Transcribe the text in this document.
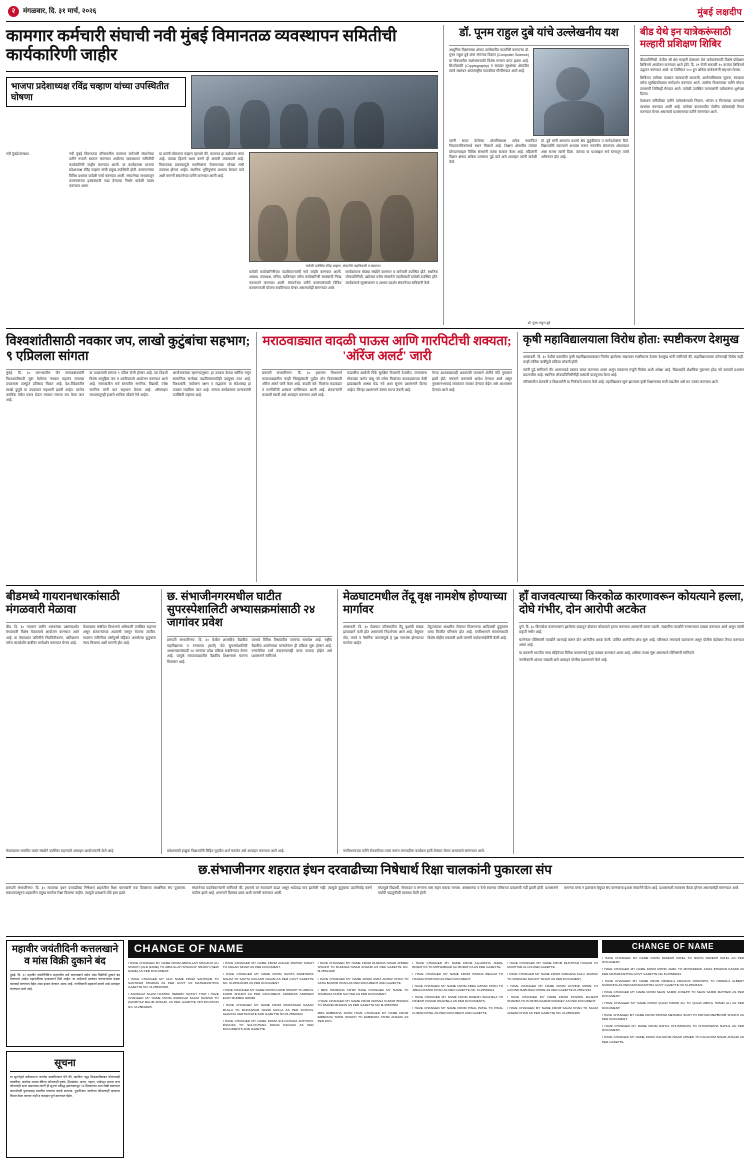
२	मंगळवार, दि. ३१ मार्च, २०२६	मुंबई लक्षदीप
कामगार कर्मचारी संघाची नवी मुंबई विमानतळ व्यवस्थापन समितीची कार्यकारिणी जाहीर
भाजपा प्रदेशाध्यक्ष रविंद्र चव्हाण यांच्या उपस्थितीत घोषणा
नवी मुंबई/जगन्नाथ	नवी मुंबई विमानतळ परिसरातील कामगार कर्मचारी संघटनेच्या वतीने नव्याने स्थापन करण्यात आलेल्या व्यवस्थापन समितीची कार्यकारिणी जाहीर करण्यात आली. या कार्यक्रमास भाजपा प्रदेशाध्यक्ष रविंद्र चव्हाण यांची प्रमुख उपस्थिती होती. कामगारांच्या विविध प्रश्नांवर यावेळी चर्चा करण्यात आली. संघटनेच्या माध्यमातून कामगारांच्या हक्कांसाठी लढा देण्याचा निर्धार यावेळी व्यक्त करण्यात आला.
या प्रसंगी बोलताना चव्हाण म्हणाले की, कामगार हा उद्योगाचा कणा आहे. त्याच्या हिताचे रक्षण करणे ही आमची जबाबदारी आहे. विमानतळ प्रकल्पामुळे स्थानिकांना रोजगाराच्या मोठ्या संधी उपलब्ध होणार आहेत. स्थानिक भूमिपुत्रांना प्राधान्य देण्यात यावे अशी मागणी संघटनेच्या वतीने करण्यात आली आहे.
यावेळी उपस्थित रविंद्र चव्हाण, संघटनेचे पदाधिकारी व कामगार.
यावेळी कार्यकारिणीच्या पदाधिकाऱ्यांची नावे जाहीर करण्यात आली. अध्यक्ष, उपाध्यक्ष, सचिव, खजिनदार तसेच कार्यकारिणी सदस्यांची निवड एकमताने करण्यात आली. संघटनेच्या वतीने कामगारांसाठी विविध कल्याणकारी योजना राबविण्यात येणार असल्याचेही सांगण्यात आले.
कार्यक्रमाला मोठ्या संख्येने कामगार व कर्मचारी उपस्थित होते. स्थानिक लोकप्रतिनिधी, उद्योजक तसेच संघटनेचे पदाधिकारी यावेळी उपस्थित होते. कार्यक्रमाचे सूत्रसंचालन व आभार प्रदर्शन संघटनेच्या सचिवांनी केले.
डॉ. पूनम राहुल दुबे यांचे उल्लेखनीय यश
आधुनिक विज्ञानाच्या क्षेत्रात उल्लेखनीय कामगिरी करणाऱ्या डॉ. पूनम राहुल दुबे यांना संगणक विज्ञान (Computer Science) या विषयातील संशोधनासाठी विशेष सन्मान प्राप्त झाला आहे. क्रिप्टोग्राफी (Cryptography) व सायबर सुरक्षेच्या क्षेत्रातील त्यांचे संशोधन आंतरराष्ट्रीय पातळीवर गौरविण्यात आले आहे.
त्यांनी सादर केलेल्या शोधनिबंधास अनेक नामांकित नियतकालिकांमध्ये स्थान मिळाले आहे. शिक्षण क्षेत्रातील त्यांच्या योगदानाबद्दल विविध संस्थांनी त्यांचा सत्कार केला आहे. महिलांनी विज्ञान क्षेत्रात अधिक प्रमाणात पुढे यावे असे आवाहन त्यांनी यावेळी केले.
डॉ. दुबे यांनी आपल्या यशाचे श्रेय कुटुंबीयांना व मार्गदर्शकांना दिले. विद्यार्थ्यांनी सातत्याने अभ्यास करून नवनवीन संकल्पना शोधाव्यात असा सल्ला त्यांनी दिला. त्यांच्या या यशाबद्दल सर्व स्तरातून त्यांचे अभिनंदन होत आहे.
डॉ. पूनम राहुल दुबे
बीड येथे इन यात्रेकरूंसाठी मल्हारी प्रशिक्षण शिबिर
बीड/प्रतिनिधी. येथील श्री क्षेत्र मल्हारी देवस्थान येथे यात्रेकरूंसाठी विशेष प्रशिक्षण शिबिराचे आयोजन करण्यात आले होते. दि. २९ रोजी सकाळी १० वाजता शिबिराचे उद्घाटन करण्यात आले. या शिबिरात २०० हून अधिक यात्रेकरूंनी सहभाग घेतला.
शिबिरात यात्रेच्या काळात घ्यावयाची काळजी, आरोग्यविषयक सूचना, स्वच्छता तसेच सुरक्षिततेबाबत मार्गदर्शन करण्यात आले. आरोग्य विभागाच्या वतीने मोफत तपासणी शिबिरही घेण्यात आले. यावेळी उपस्थित मान्यवरांनी यात्रेकरूंना शुभेच्छा दिल्या.
देवस्थान समितीच्या वतीने यात्रेकरूंसाठी निवास, भोजन व पिण्याच्या पाण्याची व्यवस्था करण्यात आली आहे. यात्रेच्या कालावधीत पोलीस बंदोबस्तही तैनात करण्यात येणार असल्याचे प्रशासनाच्या वतीने सांगण्यात आले.
विश्वशांतीसाठी नवकार जप, लाखो कुटुंबांचा सहभाग; ९ एप्रिलला सांगता
मुंबई. दि. ३० जगभरातील जैन समाजबांधवांनी विश्वशांतीसाठी सुरू केलेल्या नवकार महामंत्र जपाच्या उपक्रमास उत्स्फूर्त प्रतिसाद मिळत आहे. देश-विदेशातील लाखो कुटुंबे या उपक्रमात सहभागी झाली आहेत. दररोज ठराविक वेळेत एकत्र येऊन नवकार मंत्राचा जप केला जात आहे.
या उपक्रमाची सांगता ९ एप्रिल रोजी होणार आहे. त्या दिवशी विशेष सामूहिक जप व शांतीपाठाचे आयोजन करण्यात आले आहे. समाजातील सर्व स्तरातील नागरिक, विद्यार्थी, ज्येष्ठ नागरिक यांनी यात सहभाग घेतला आहे. ऑनलाइन माध्यमातूनही हजारो भाविक जोडले गेले आहेत.
आयोजकांच्या म्हणण्यानुसार, हा उपक्रम केवळ धार्मिक नसून सामाजिक सलोखा वाढविण्यासाठीही उपयुक्त ठरत आहे. विश्वशांती, पर्यावरण रक्षण व सद्भावना या संदेशासह हा उपक्रम राबविला जात आहे. सांगता कार्यक्रमास मान्यवरांची उपस्थिती राहणार आहे.
मराठवाड्यात वादळी पाऊस आणि गारपिटीची शक्यता; 'ऑरेंज अलर्ट' जारी
छत्रपती संभाजीनगर. दि. ३० हवामान विभागाने मराठवाड्यातील काही जिल्ह्यांसाठी पुढील दोन दिवसांसाठी ऑरेंज अलर्ट जारी केला आहे. वादळी वारे, विजांचा कडकडाट व गारपिटीची शक्यता वर्तविण्यात आली आहे. शेतकऱ्यांनी काळजी घ्यावी असे आवाहन करण्यात आले आहे.
काढणीस आलेली पिके सुरक्षित ठिकाणी ठेवावीत, जनावरांना मोकळ्या जागेत बांधू नये तसेच विजांच्या कडकडाटाच्या वेळी झाडाखाली आश्रय घेऊ नये अशा सूचना प्रशासनाने दिल्या आहेत. जिल्हा प्रशासनाने यंत्रणा सज्ज ठेवली आहे.
गेल्या आठवड्यातही अवकाळी पावसाने शेतीचे मोठे नुकसान झाले होते. पंचनामे करण्याचे आदेश देण्यात आले असून नुकसानभरपाई लवकरात लवकर देण्यात येईल असे आश्वासन देण्यात आले आहे.
कृषी महाविद्यालयाला विरोध होता: स्पष्टीकरण देशमुख
अमरावती. दि. ३० येथील प्रस्तावित कृषी महाविद्यालयाबाबत निर्माण झालेल्या संभ्रमावर स्पष्टीकरण देताना देशमुख यांनी सांगितले की, महाविद्यालयाला कोणताही विरोध नाही. काही तांत्रिक बाबींमुळे प्रक्रिया लांबली होती.
त्यांनी पुढे सांगितले की, शासनाकडे प्रस्ताव सादर करण्यात आला असून लवकरच मंजुरी मिळेल अशी अपेक्षा आहे. विद्यार्थ्यांचे शैक्षणिक नुकसान होऊ नये यासाठी प्रशासन प्रयत्नशील आहे. स्थानिक लोकप्रतिनिधींनीही यासाठी पाठपुरावा केला आहे.
परिसरातील शेतकरी व विद्यार्थ्यांनी या निर्णयाचे स्वागत केले आहे. महाविद्यालय सुरू झाल्यास कृषी शिक्षणाच्या संधी वाढतील असे मत व्यक्त करण्यात आले.
बीडमध्ये गायरानधारकांसाठी मंगळवारी मेळावा
बीड. दि. ३० गायरान जमीन धारकांच्या प्रश्नांसंदर्भात मंगळवारी विशेष मेळाव्याचे आयोजन करण्यात आले आहे. या मेळाव्यात जमिनीचे नियमितीकरण, अतिक्रमण तसेच कायदेशीर बाबींवर मार्गदर्शन करण्यात येणार आहे.
मेळाव्यास संबंधित विभागाचे अधिकारी उपस्थित राहणार असून शेतकऱ्यांच्या अडचणी जाणून घेतल्या जातील. गायरान जमिनीवर वर्षानुवर्षे वहिवाट असलेल्या कुटुंबांना न्याय मिळावा अशी मागणी होत आहे.
मेळाव्याला जास्तीत जास्त संख्येने उपस्थित राहण्याचे आवाहन आयोजकांनी केले आहे.
छ. संभाजीनगरमधील घाटीत सुपरस्पेशालिटी अभ्यासक्रमांसाठी २४ जागांवर प्रवेश
छत्रपती संभाजीनगर. दि. ३० येथील शासकीय वैद्यकीय महाविद्यालय व रुग्णालय (घाटी) येथे सुपरस्पेशालिटी अभ्यासक्रमांसाठी २४ जागांवर प्रवेश प्रक्रिया राबविण्यात येणार आहे. यामुळे मराठवाड्यातील वैद्यकीय शिक्षणाला चालना मिळणार आहे.
यामध्ये विविध विषयांतील जागांचा समावेश आहे. राष्ट्रीय वैद्यकीय आयोगाच्या मान्यतेनंतर ही प्रक्रिया सुरू होणार आहे. रुग्णसेवेचा दर्जा उंचावण्यासही याचा फायदा होईल असे प्रशासनाने सांगितले.
प्रवेशासाठी इच्छुक विद्यार्थ्यांनी विहित मुदतीत अर्ज करावेत असे आवाहन करण्यात आले आहे.
मेळघाटमधील तेंदू वृक्ष नामशेष होण्याच्या मार्गावर
अमरावती. दि. ३० मेळघाट परिसरातील तेंदू वृक्षांची संख्या झपाट्याने कमी होत असल्याचे निदर्शनास आले आहे. बेसुमार तोड, वणवे व नैसर्गिक कारणांमुळे हे वृक्ष नामशेष होण्याच्या मार्गावर आहेत.
तेंदूपत्त्यावर आधारित रोजगार मिळणाऱ्या आदिवासी कुटुंबांवर याचा विपरीत परिणाम होत आहे. वनविभागाने संवर्धनासाठी विशेष मोहीम राबवावी अशी मागणी पर्यावरणप्रेमींनी केली आहे.
वनविभागाच्या वतीने रोपवाटिका तयार करून लागवडीचा कार्यक्रम हाती घेण्यात येणार असल्याचे सांगण्यात आले.
हाॅं वाजवत्याच्या किरकोळ कारणावरून कोयत्याने हल्ला, दोघे गंभीर, दोन आरोपी अटकेत
पुणे. दि. ३० किरकोळ कारणावरून झालेल्या वादातून दोघांवर कोयत्याने हल्ला करण्यात आल्याची घटना घडली. जखमींना तातडीने रुग्णालयात दाखल करण्यात आले असून त्यांची प्रकृती गंभीर आहे.
घटनेनंतर पोलिसांनी तातडीने कारवाई करून दोन आरोपींना अटक केली. उर्वरित आरोपींचा शोध सुरू आहे. परिसरात तणावाचे वातावरण असून पोलीस बंदोबस्त तैनात करण्यात आला आहे.
या प्रकरणी भारतीय न्याय संहितेच्या विविध कलमांन्वये गुन्हा दाखल करण्यात आला आहे. अधिक तपास सुरू असल्याचे पोलिसांनी सांगितले.
नागरिकांनी शांतता राखावी असे आवाहन पोलीस प्रशासनाने केले आहे.
छ.संभाजीनगर शहरात इंधन दरवाढीच्या निषेधार्थ रिक्षा चालकांनी पुकारला संप
छत्रपती संभाजीनगर. दि. ३० सततच्या इंधन दरवाढीच्या निषेधार्थ शहरातील रिक्षा चालकांनी एक दिवसाचा लाक्षणिक संप पुकारला. सकाळपासूनच शहरातील प्रमुख मार्गांवर रिक्षा दिसल्या नाहीत. त्यामुळे प्रवाशांचे मोठे हाल झाले.
संघटनेच्या पदाधिकाऱ्यांनी सांगितले की, इंधनाचे दर सातत्याने वाढत असून भाडेवाढ मात्र झालेली नाही. त्यामुळे कुटुंबाचा उदरनिर्वाह करणे कठीण झाले आहे. शासनाने दिलासा द्यावा अशी मागणी करण्यात आली.
संपामुळे विद्यार्थी, नोकरदार व रुग्णांना त्रास सहन करावा लागला. बसस्थानक व रेल्वे स्थानक परिसरात प्रवाशांची गर्दी झाली होती. प्रशासनाने पर्यायी वाहतुकीची व्यवस्था केली होती.
मागण्या मान्य न झाल्यास बेमुदत संप करण्याचा इशारा संघटनेने दिला आहे. प्रशासनाशी लवकरच बैठक होणार असल्याचेही सांगण्यात आले.
महावीर जयंतीदिनी कत्तलखाने व मांस विक्री दुकाने बंद
मुंबई. दि. ३० महावीर जयंतीनिमित्त शहरातील सर्व कत्तलखाने तसेच मांस विक्रीची दुकाने बंद ठेवण्याचे आदेश महापालिका प्रशासनाने दिले आहेत. या आदेशाचे उल्लंघन करणाऱ्यांवर कडक कारवाई करण्यात येईल असा इशारा देण्यात आला आहे. नागरिकांनी सहकार्य करावे असे आवाहन करण्यात आले आहे.
सूचना
या सूचनेद्वारे सर्वसामान्य जनतेस कळविण्यात येते की, खालील नमूद मिळकतीबाबत कोणत्याही व्यक्तीचा, संस्थेचा अथवा बँकेचा कोणताही हक्क, हितसंबंध, तारण, गहाण, भाडेपट्टा अथवा अन्य कोणताही दावा असल्यास त्यांनी ही सूचना प्रसिद्ध झाल्यापासून १४ दिवसांच्या आत लेखी स्वरूपात कागदोपत्री पुराव्यासह खालील पत्त्यावर संपर्क साधावा. मुदतीनंतर आलेल्या कोणत्याही दाव्याचा विचार केला जाणार नाही व व्यवहार पूर्ण करण्यात येईल.
CHANGE OF NAME

I HAVE CHANGED MY NAME FROM ABDULLAH SHAUKAT ALI SHAIKH (OLD NAME) TO ABDULLAH SHAUKAT SHAIKH (NEW NAME) AS PER DOCUMENT.

I HAVE CHANGED MY OLD NAME FROM SANTRAM TO SANTRAM SHARMA AS PER GOVT OF MAHARASHTRA GAZETTE NO. M-255307981

I ZARIFFAZ SALIM HASHMI, HEREBY NOTIFY THAT I HAVE CHANGED MY NAME FROM ZARIFFAZ SALIM HASHMI TO ZAKIRIYAZ BALIM ANSARI, AS PER GAZETTE NOTIFICATION NO. M-25849025.

I HAVE CHANGED MY NAME FROM ANGAD PARTAP SINGH TO ANGAD SINGH AS PER DOCUMENT.

I HAVE CHANGED MY NAME FROM SAVITA RAMNIWAS NIGAM TO SAVITA KAILASH NIGAM AS PER GOVT GAZETTE NO. M-255102345 AS PER DOCUMENT

I HAVE CHANGED MY NAME FROM KADIR SHAIKH TO ABDUL KADIR SHAIKH AS PER DOCUMENT. ADDRESS ANDHERI EAST MUMBAI 400069

I HAVE CHANGED MY NAME FROM MUDASSAR NAZAR MULLA TO MUDASSAR NAZIR MULLA AS PER SCHOOL LEAVING CERTIFICATE AND GAZETTE NO M-25500912

I HAVE CHANGED MY NAME FROM SULOCHANA ANTHONY DSOUZA TO SULOCHANA MARIA DSOUZA AS PER DOCUMENTS AND GAZETTE.

I HAVE CHANGED MY NAME FROM RUMANA NISAR AHMED SHAIKH TO RUMANA NISAR ANSARI AS PER GAZETTE NO. M-25541188

I HAVE CHANGED MY NAME FROM ASHA ADHAV KHAN TO ASHA BASHIR KHAN AS PER DOCUMENT AND GAZETTE.

I MRS SHABANA TAHIR HAVE CHANGED MY NAME TO SHABANA TAHIR SAYYED AS PER DOCUMENT.

I HAVE CHANGED MY NAME FROM PARVEJ KUMAR BISWAS TO PARVEJ BISWAS AS PER GAZETTE NO M-25515502

MRS EMBRAHA TAHIR HAVE CHANGED MY NAME FROM EMBRAHA TAHIR SHAIKH TO EMBRAHA TAHIR ANSARI AS PER DOC.

I HAVE CHANGED MY NAME FROM ALLARKHA JAMAL BORATIYA TO MOHAMMAD ALI BORATIYA AS PER GAZETTE.

I HAVE CHANGED MY NAME FROM HASINA BEGUM TO HASINA KHATOON AS PER DOCUMENT.

I HAVE CHANGED MY NAME FROM ABDA AZHAR KHAN TO ABDA RASHID KHAN AS PER GAZETTE NO. M-25539911

I HAVE CHANGED MY NAME FROM DINESH WAGHELA TO DINESH KUMAR WAGHELA AS PER DOCUMENTS.

I HAVE CHANGED MY NAME FROM PINAL PATEL TO PINAL KUMAR PATEL AS PER DOCUMENT AND GAZETTE.

I HAVE CHANGED MY NAME FROM MUKHTAR HUSAIN TO MUKHTAR ALI AS PER GAZETTE.

I HAVE CHANGED MY NAME FROM VANDANA SALU JADHAV TO VANDANA NAVJOT SINGH AS PER DOCUMENT.

I HAVE CHANGED MY NAME FROM GOVIND MORE TO GOVIND BABURAO MORE AS PER GAZETTE M-25547233

I HAVE CHANGED MY NAME FROM PUSHPA RAJESH SHARMA TO PUSHPA RAJESH PANDEY AS PER DOCUMENT.

I HAVE CHANGED MY NAME FROM SALIM KHAN TO SALIM ANWAR KHAN AS PER GAZETTE NO. M-25502266

CHANGE OF NAME

I HAVE CHANGED MY NAME FROM PARESH PATEL TO NIKITA PARESH PATEL AS PER DOCUMENT.

I HAVE CHANGED MY NAME FROM MOHD JAMIL TO MOHAMMAD JAMIL BHAWAN KASAB AS PER MAHARASHTRA GOVT GAZETTE NO M-25589021

I HAVE CHANGED MY NAME FROM NIRMALA FRANCIS NORONHA TO NIRMALA ALBERT NORONHA AS PER MAHARASHTRA GOVT GAZETTE NO M-25546324

I HAVE CHANGED MY NAME FROM SEAN SAMIR JOSEPH TO SEAN SAMIR MATHEW AS PER DOCUMENT.

I HAVE CHANGED MY NAME FROM QUAZI HAMID ALI TO QUAZI ABDUL HAMID ALI AS PER DOCUMENT.

I HAVE CHANGED MY NAME FROM PRITAM MEHARIA SHAH TO PRITAM MEHBOOB SHAIKH AS PER DOCUMENT.

I HAVE CHANGED MY NAME FROM RAHUL KHUSHWAHA TO KHUSHWAHA RAHUL AS PER DOCUMENT.

I HAVE CHANGED MY NAME FROM KALSOOM NISAR AHMED TO KALSOOM NISAR ANSARI AS PER GAZETTE.
